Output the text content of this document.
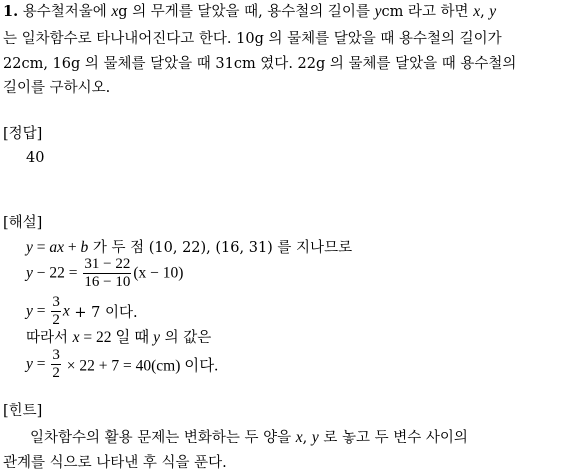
1. 용수철저울에 xg 의 무게를 달았을 때, 용수철의 길이를 ycm 라고 하면 x, y
는 일차함수로 타나내어진다고 한다. 10g 의 물체를 달았을 때 용수철의 길이가
22cm, 16g 의 물체를 달았을 때 31cm 였다. 22g 의 물체를 달았을 때 용수철의
길이를 구하시오.
[정답]
40
[해설]
y = ax + b 가 두 점 (10, 22), (16, 31) 를 지나므로
$y - 22 = \frac{31 - 22}{16 - 10} (x - 10)$
$y = \frac{3}{2}$ x + 7 이다.
따라서 x = 22 일 때 y 의 값은
$y = \frac{3}{2} \times 22 + 7 = 40(cm)$ 이다.
[힌트]
일차함수의 활용 문제는 변화하는 두 양을 x, y 로 놓고 두 변수 사이의
관계를 식으로 나타낸 후 식을 푼다.
